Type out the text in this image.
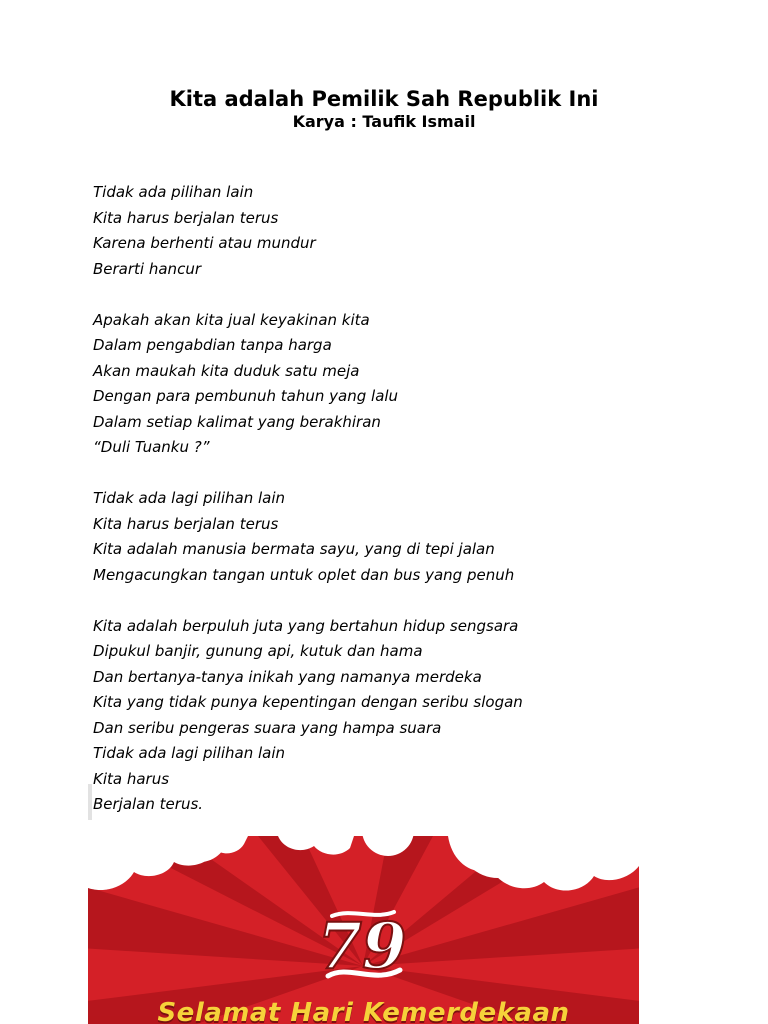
Kita adalah Pemilik Sah Republik Ini
Karya : Taufik Ismail
Tidak ada pilihan lain
Kita harus berjalan terus
Karena berhenti atau mundur
Berarti hancur
Apakah akan kita jual keyakinan kita
Dalam pengabdian tanpa harga
Akan maukah kita duduk satu meja
Dengan para pembunuh tahun yang lalu
Dalam setiap kalimat yang berakhiran
“Duli Tuanku ?”
Tidak ada lagi pilihan lain
Kita harus berjalan terus
Kita adalah manusia bermata sayu, yang di tepi jalan
Mengacungkan tangan untuk oplet dan bus yang penuh
Kita adalah berpuluh juta yang bertahun hidup sengsara
Dipukul banjir, gunung api, kutuk dan hama
Dan bertanya-tanya inikah yang namanya merdeka
Kita yang tidak punya kepentingan dengan seribu slogan
Dan seribu pengeras suara yang hampa suara
Tidak ada lagi pilihan lain
Kita harus
Berjalan terus.
79
Selamat Hari Kemerdekaan
